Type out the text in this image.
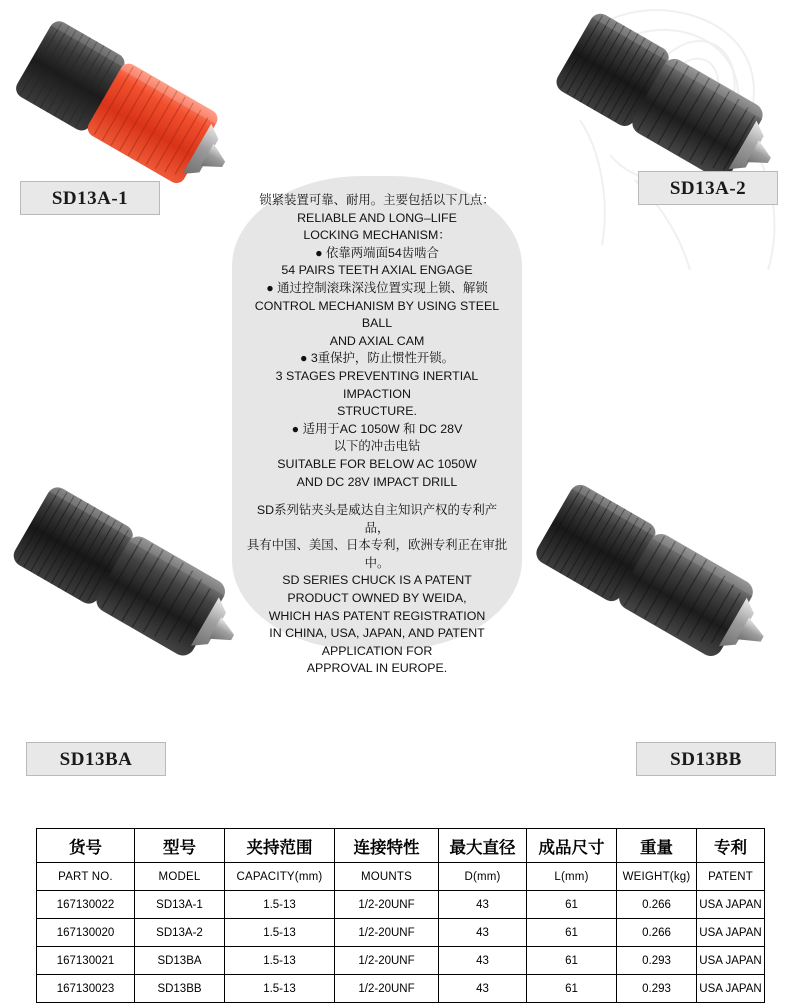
SD13A-1	SD13A-2
SD13BA	SD13BB

锁紧装置可靠、耐用。主要包括以下几点：

RELIABLE AND LONG–LIFE

LOCKING MECHANISM：

● 依靠两端面54齿啮合

54 PAIRS TEETH AXIAL ENGAGE

● 通过控制滚珠深浅位置实现上锁、解锁

CONTROL MECHANISM BY USING STEEL BALL

AND AXIAL CAM

● 3重保护，防止惯性开锁。

3 STAGES PREVENTING INERTIAL IMPACTION

STRUCTURE.

● 适用于AC 1050W 和 DC 28V

以下的冲击电钻

SUITABLE FOR BELOW AC 1050W

AND DC 28V IMPACT DRILL

SD系列钻夹头是威达自主知识产权的专利产品，

具有中国、美国、日本专利，欧洲专利正在审批中。

SD SERIES CHUCK IS A PATENT

PRODUCT OWNED BY WEIDA,

WHICH HAS PATENT REGISTRATION

IN CHINA, USA, JAPAN, AND PATENT

APPLICATION FOR

APPROVAL IN EUROPE.

货号	型号	夹持范围	连接特性	最大直径	成品尺寸	重量	专利
PART NO.	MODEL	CAPACITY(mm)	MOUNTS	D(mm)	L(mm)	WEIGHT(kg)	PATENT
167130022	SD13A-1	1.5-13	1/2-20UNF	43	61	0.266	USA JAPAN
167130020	SD13A-2	1.5-13	1/2-20UNF	43	61	0.266	USA JAPAN
167130021	SD13BA	1.5-13	1/2-20UNF	43	61	0.293	USA JAPAN
167130023	SD13BB	1.5-13	1/2-20UNF	43	61	0.293	USA JAPAN
